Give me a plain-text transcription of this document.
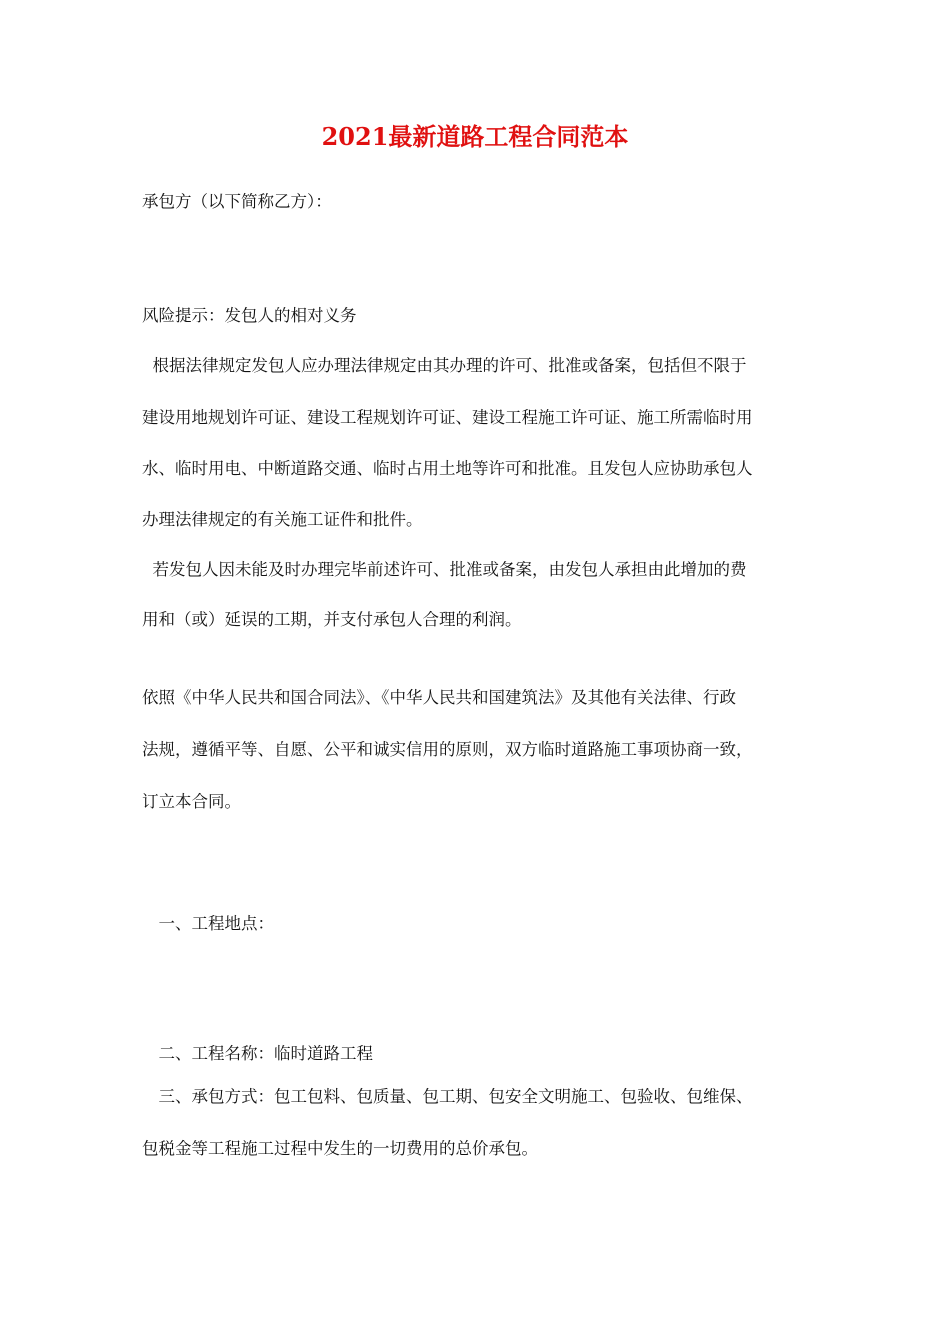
2021最新道路工程合同范本
承包方（以下简称乙方）：
风险提示：发包人的相对义务
根据法律规定发包人应办理法律规定由其办理的许可、批准或备案，包括但不限于
建设用地规划许可证、建设工程规划许可证、建设工程施工许可证、施工所需临时用
水、临时用电、中断道路交通、临时占用土地等许可和批准。且发包人应协助承包人
办理法律规定的有关施工证件和批件。
若发包人因未能及时办理完毕前述许可、批准或备案，由发包人承担由此增加的费
用和（或）延误的工期，并支付承包人合理的利润。
依照《中华人民共和国合同法》、《中华人民共和国建筑法》及其他有关法律、行政
法规，遵循平等、自愿、公平和诚实信用的原则，双方临时道路施工事项协商一致，
订立本合同。
　一、工程地点：
　二、工程名称：临时道路工程
　三、承包方式：包工包料、包质量、包工期、包安全文明施工、包验收、包维保、
包税金等工程施工过程中发生的一切费用的总价承包。
